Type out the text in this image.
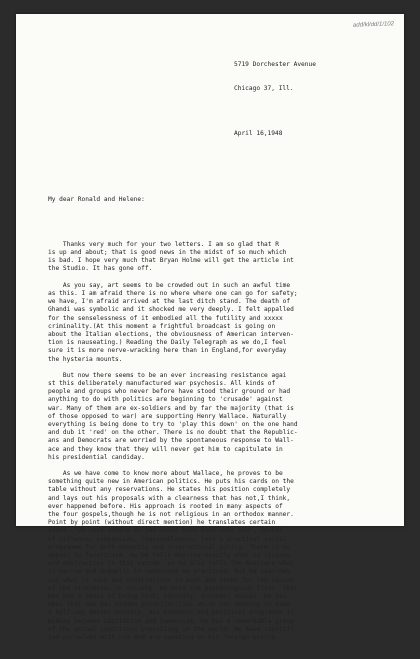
add/kl/dd/1/102

5719 Dorchester Avenue

Chicago 37, Ill.

April 16,1948

My dear Ronald and Helene:

Thanks very much for your two letters. I am so glad that R
is up and about; that is good news in the midst of so much which
is bad. I hope very much that Bryan Holme will get the article int
the Studio. It has gone off.
As you say, art seems to be crowded out in such an awful time
as this. I am afraid there is no where where one can go for safety;
we have, I'm afraid arrived at the last ditch stand. The death of
Ghandi was symbolic and it shocked me very deeply. I felt appalled
for the senselessness of it embodied all the futility and xxxxx
criminality.(At this moment a frightful broadcast is going on
about the Italian elections, the obviousness of American interven-
tion is nauseating.) Reading the Daily Telegraph as we do,I feel
sure it is more nerve-wracking here than in England,for everyday
the hysteria mounts.
But now there seems to be an ever increasing resistance agai
st this deliberately manufactured war psychosis. All kinds of
people and groups who never before have stood their ground or had
anything to do with politics are beginning to 'crusade' against
war. Many of them are ex-soldiers and by far the majority (that is
of those opposed to war) are supporting Henry Wallace. Naturally
everything is being done to try to 'play this down' on the one hand
and dub it 'red' on the other. There is no doubt that the Republic-
ans and Democrats are worried by the spontaneous response to Wall-
ace and they know that they will never get him to capitulate in
his presidential candiday.
As we have come to know more about Wallace, he proves to be
something quite new in American politics. He puts his cards on the
table without any reservations. He states his position completely
and lays out his proposals with a clearness that has not,I think,
ever happened before. His approach is rooted in many aspects of
the four gospels,though he is not religious in an orthodox manner.
Point by point (without direct mention) he translates certain
ideas -"Do unto others as you would have done unto you", denial
of violence, compassion, reasonableness, into a practical social
programme for both domestic and international policy. There is no
appeal to fanaticism. As he tells America exactly what is vicious
and destructive in this system, so he also tells the Russians what
is narrow and dogmatic in communism as practiced. But he searches
out what is sane and constructive in each and seeks for the causes
of the sicknesses in society. He sets the psychological first- that
man has a sense of being lost; secondly, economic abuses. He ass-
umes that man has hidden potentialities which can develop in even
a half-way decent society. His economic and political programme is
midway between Capitalism and Communism. He has a remarkable grasp
of the actual conditions prevailing in the world. We have identifi
ied ourselves with him and are speaking on his foreign policy.
